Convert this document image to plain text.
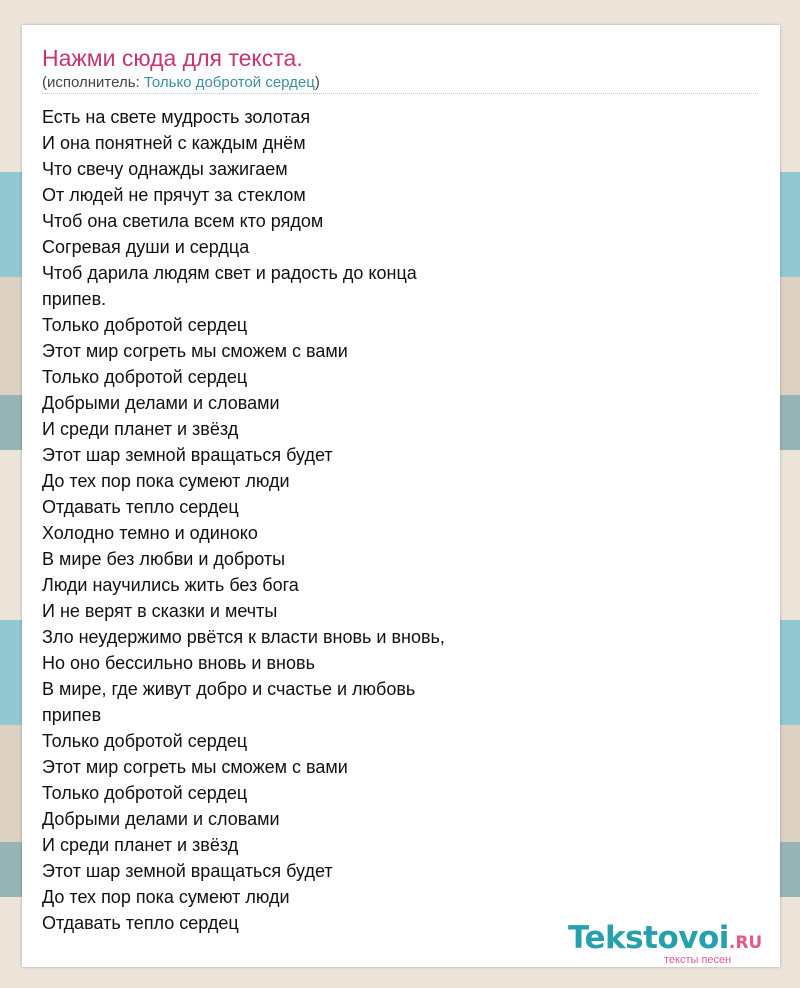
Нажми сюда для текста.
(исполнитель: Только добротой сердец)
Есть на свете мудрость золотая
И она понятней с каждым днём
Что свечу однажды зажигаем
От людей не прячут за стеклом
Чтоб она светила всем кто рядом
Согревая души и сердца
Чтоб дарила людям свет и радость до конца
припев.
Только добротой сердец
Этот мир согреть мы сможем с вами
Только добротой сердец
Добрыми делами и словами
И среди планет и звёзд
Этот шар земной вращаться будет
До тех пор пока сумеют люди
Отдавать тепло сердец
Холодно темно и одиноко
В мире без любви и доброты
Люди научились жить без бога
И не верят в сказки и мечты
Зло неудержимо рвётся к власти вновь и вновь,
Но оно бессильно вновь и вновь
В мире, где живут добро и счастье и любовь
припев
Только добротой сердец
Этот мир согреть мы сможем с вами
Только добротой сердец
Добрыми делами и словами
И среди планет и звёзд
Этот шар земной вращаться будет
До тех пор пока сумеют люди
Отдавать тепло сердец	Tekstovoi.RU
тексты песен
